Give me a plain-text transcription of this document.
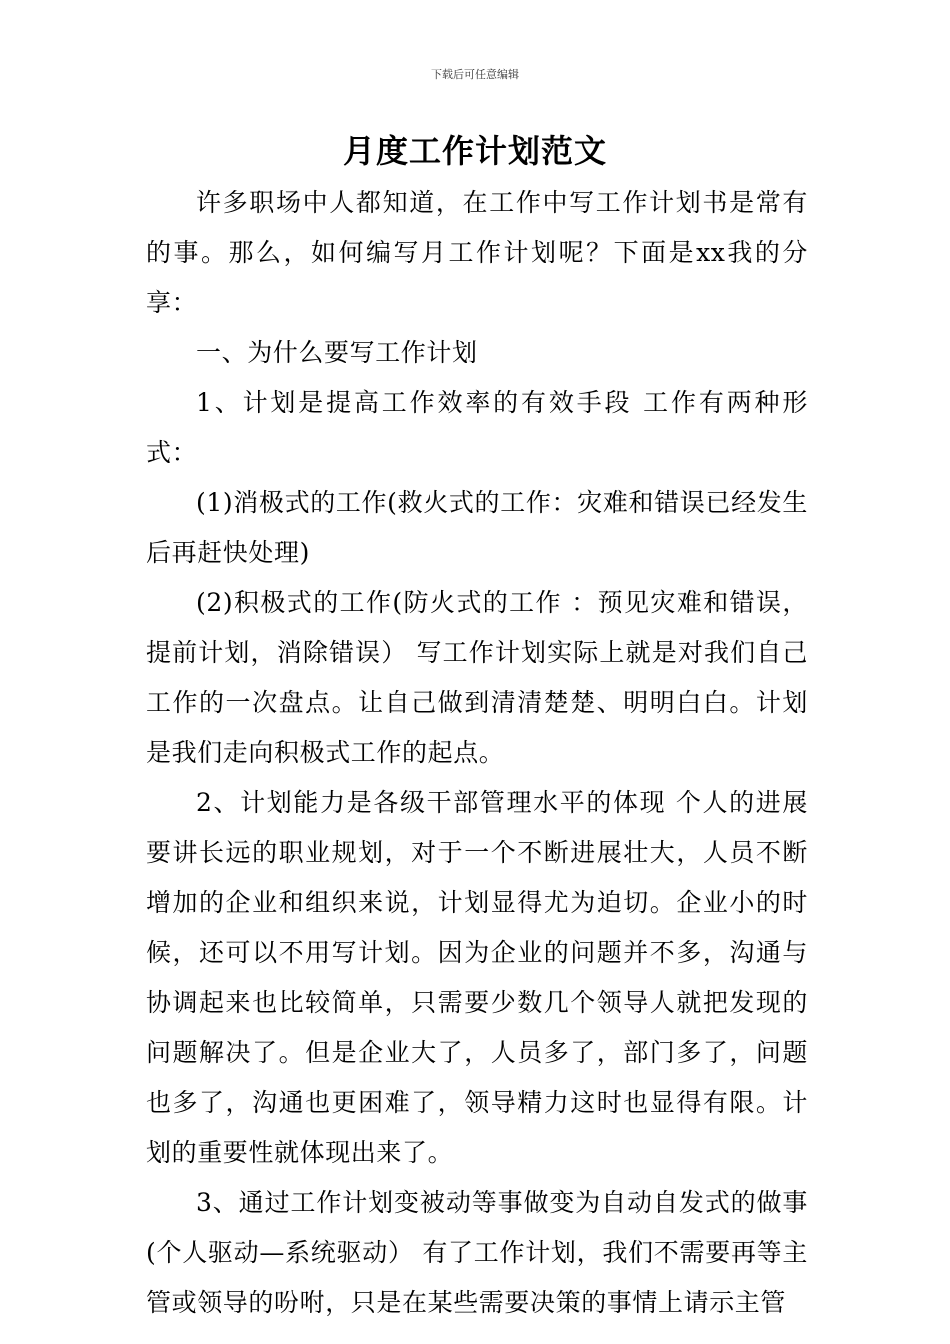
下载后可任意编辑
月度工作计划范文

许多职场中人都知道，在工作中写工作计划书是常有的事。那么，如何编写月工作计划呢？下面是xx我的分享：

一、为什么要写工作计划

1、计划是提高工作效率的有效手段 工作有两种形式：

(1)消极式的工作(救火式的工作：灾难和错误已经发生后再赶快处理)

(2)积极式的工作(防火式的工作 ：预见灾难和错误，提前计划，消除错误） 写工作计划实际上就是对我们自己工作的一次盘点。让自己做到清清楚楚、明明白白。计划是我们走向积极式工作的起点。

2、计划能力是各级干部管理水平的体现 个人的进展要讲长远的职业规划，对于一个不断进展壮大，人员不断增加的企业和组织来说，计划显得尤为迫切。企业小的时候，还可以不用写计划。因为企业的问题并不多，沟通与协调起来也比较简单，只需要少数几个领导人就把发现的问题解决了。但是企业大了，人员多了，部门多了，问题也多了，沟通也更困难了，领导精力这时也显得有限。计划的重要性就体现出来了。

3、通过工作计划变被动等事做变为自动自发式的做事(个人驱动—系统驱动） 有了工作计划，我们不需要再等主管或领导的吩咐，只是在某些需要决策的事情上请示主管
